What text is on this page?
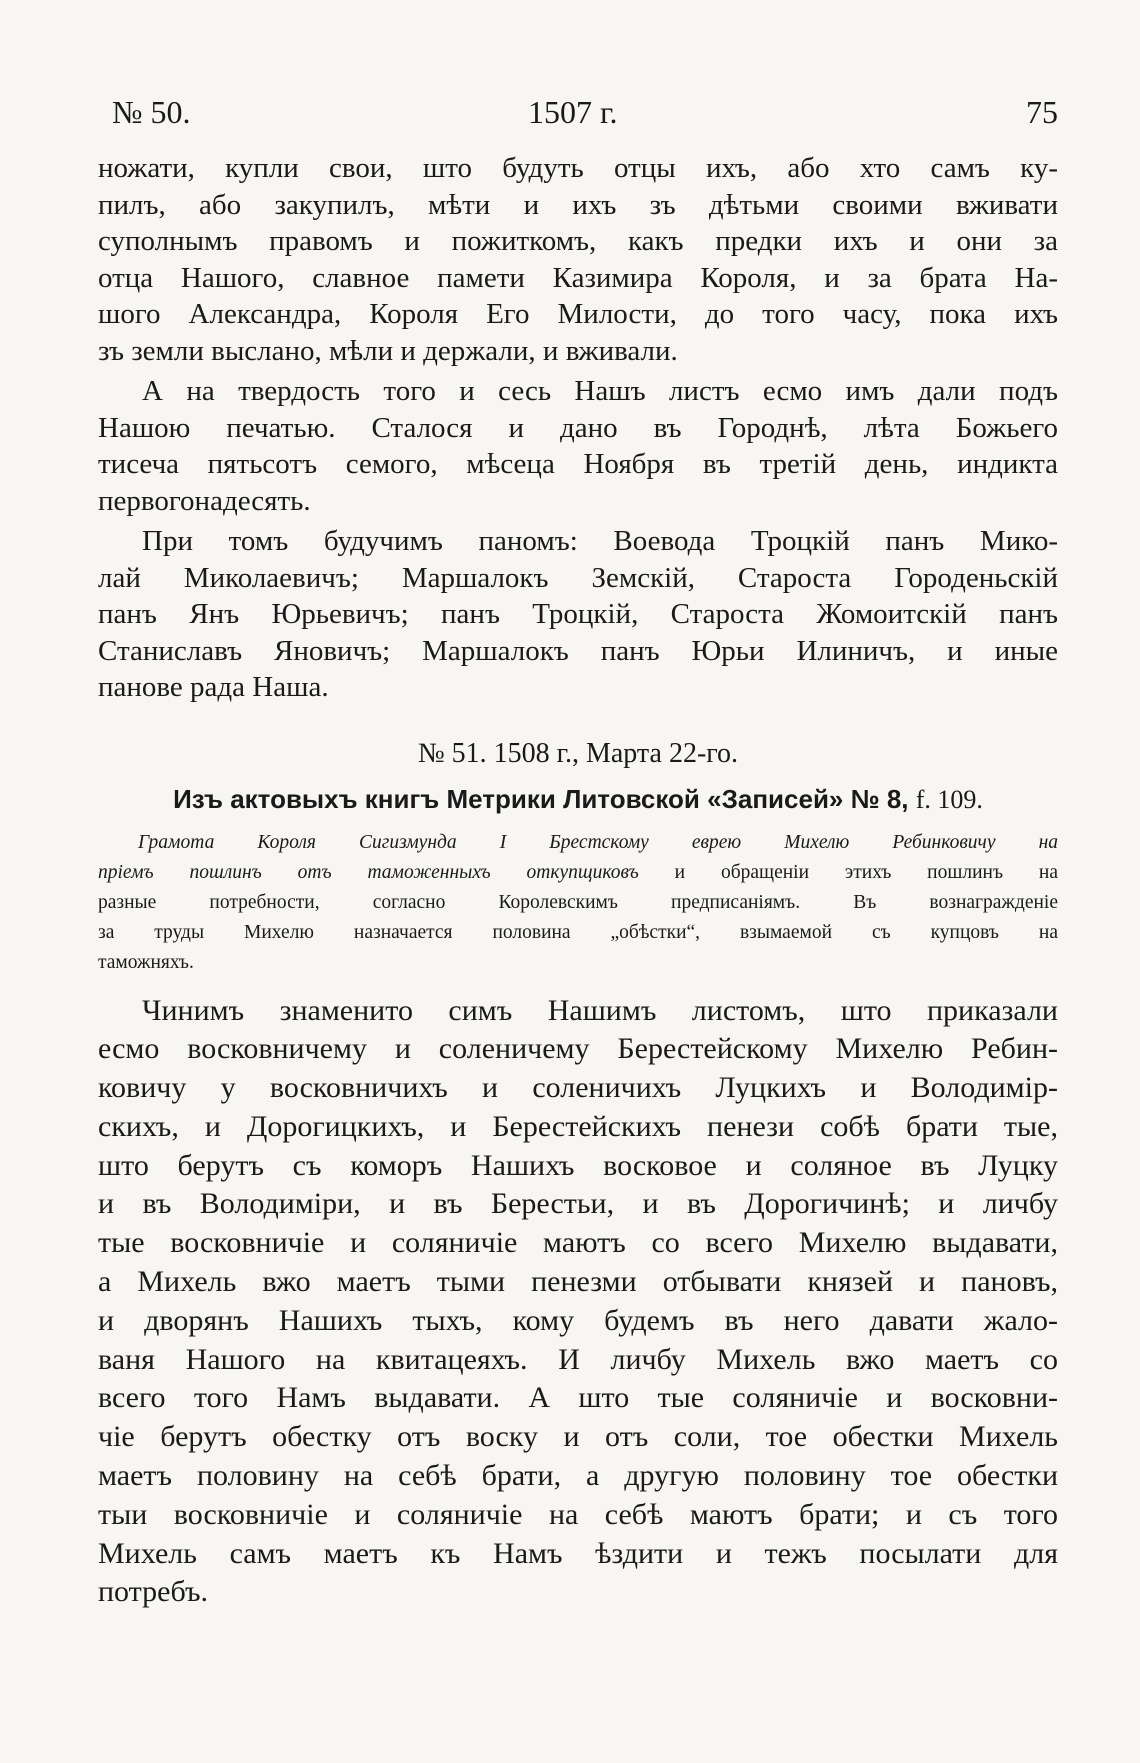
№ 50.	1507 г.	75
ножати, купли свои, што будуть отцы ихъ, або хто самъ ку-
пилъ, або закупилъ, мѣти и ихъ зъ дѣтьми своими вживати
суполнымъ правомъ и пожиткомъ, какъ предки ихъ и они за
отца Нашого, славное памети Казимира Короля, и за брата На-
шого Александра, Короля Его Милости, до того часу, пока ихъ
зъ земли выслано, мѣли и держали, и вживали.
А на твердость того и сесь Нашъ листъ есмо имъ дали подъ
Нашою печатью. Сталося и дано въ Городнѣ, лѣта Божьего
тисеча пятьсотъ семого, мѣсеца Ноября въ третій день, индикта
первогонадесять.
При томъ будучимъ паномъ: Воевода Троцкій панъ Мико-
лай Миколаевичъ; Маршалокъ Земскій, Староста Городеньскій
панъ Янъ Юрьевичъ; панъ Троцкій, Староста Жомоитскій панъ
Станиславъ Яновичъ; Маршалокъ панъ Юрьи Илиничъ, и иные
панове рада Наша.
№ 51. 1508 г., Марта 22-го.
Изъ актовыхъ книгъ Метрики Литовской «Записей» № 8, f. 109.
Грамота Короля Сигизмунда I Брестскому еврею Михелю Ребинковичу на
пріемъ пошлинъ отъ таможенныхъ откупщиковъ и обращеніи этихъ пошлинъ на
разные потребности, согласно Королевскимъ предписаніямъ. Въ вознагражденіе
за труды Михелю назначается половина „обѣстки“, взымаемой съ купцовъ на
таможняхъ.
Чинимъ знаменито симъ Нашимъ листомъ, што приказали
есмо восковничему и соленичему Берестейскому Михелю Ребин-
ковичу у восковничихъ и соленичихъ Луцкихъ и Володимір-
скихъ, и Дорогицкихъ, и Берестейскихъ пенези собѣ брати тые,
што берутъ съ коморъ Нашихъ восковое и соляное въ Луцку
и въ Володиміри, и въ Берестьи, и въ Дорогичинѣ; и личбу
тые восковничіе и соляничіе маютъ со всего Михелю выдавати,
а Михель вжо маетъ тыми пенезми отбывати князей и пановъ,
и дворянъ Нашихъ тыхъ, кому будемъ въ него давати жало-
ваня Нашого на квитацеяхъ. И личбу Михель вжо маетъ со
всего того Намъ выдавати. А што тые соляничіе и восковни-
чіе берутъ обестку отъ воску и отъ соли, тое обестки Михель
маетъ половину на себѣ брати, а другую половину тое обестки
тыи восковничіе и соляничіе на себѣ маютъ брати; и съ того
Михель самъ маетъ къ Намъ ѣздити и тежъ посылати для
потребъ.
